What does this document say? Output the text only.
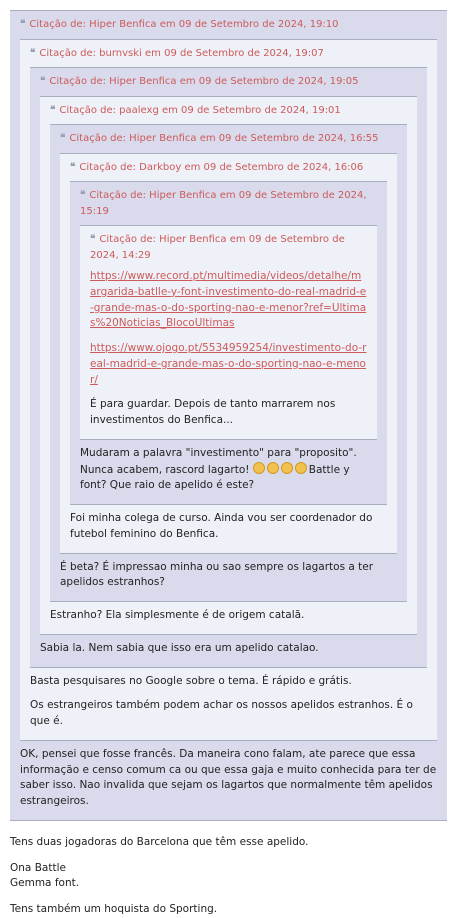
❝ Citação de: Hiper Benfica em 09 de Setembro de 2024, 19:10
❝ Citação de: burnvski em 09 de Setembro de 2024, 19:07
❝ Citação de: Hiper Benfica em 09 de Setembro de 2024, 19:05
❝ Citação de: paalexg em 09 de Setembro de 2024, 19:01
❝ Citação de: Hiper Benfica em 09 de Setembro de 2024, 16:55
❝ Citação de: Darkboy em 09 de Setembro de 2024, 16:06
❝ Citação de: Hiper Benfica em 09 de Setembro de 2024, 15:19
❝ Citação de: Hiper Benfica em 09 de Setembro de 2024, 14:29

https://www.record.pt/multimedia/videos/detalhe/margarida-batlle-y-font-investimento-do-real-madrid-e-grande-mas-o-do-sporting-nao-e-menor?ref=Ultimas%20Noticias_BlocoUltimas

https://www.ojogo.pt/5534959254/investimento-do-real-madrid-e-grande-mas-o-do-sporting-nao-e-menor/

É para guardar. Depois de tanto marrarem nos investimentos do Benfica...

Mudaram a palavra "investimento" para "proposito". Nunca acabem, rascord lagarto!	Battle y font? Que raio de apelido é este?

Foi minha colega de curso. Ainda vou ser coordenador do futebol feminino do Benfica.

É beta? É impressao minha ou sao sempre os lagartos a ter apelidos estranhos?

Estranho? Ela simplesmente é de origem catalã.

Sabia la. Nem sabia que isso era um apelido catalao.

Basta pesquisares no Google sobre o tema. É rápido e grátis.

Os estrangeiros também podem achar os nossos apelidos estranhos. É o que é.

OK, pensei que fosse francês. Da maneira cono falam, ate parece que essa informação e censo comum ca ou que essa gaja e muito conhecida para ter de saber isso. Nao invalida que sejam os lagartos que normalmente têm apelidos estrangeiros.

Tens duas jogadoras do Barcelona que têm esse apelido.

Ona Battle
Gemma font.

Tens também um hoquista do Sporting.
